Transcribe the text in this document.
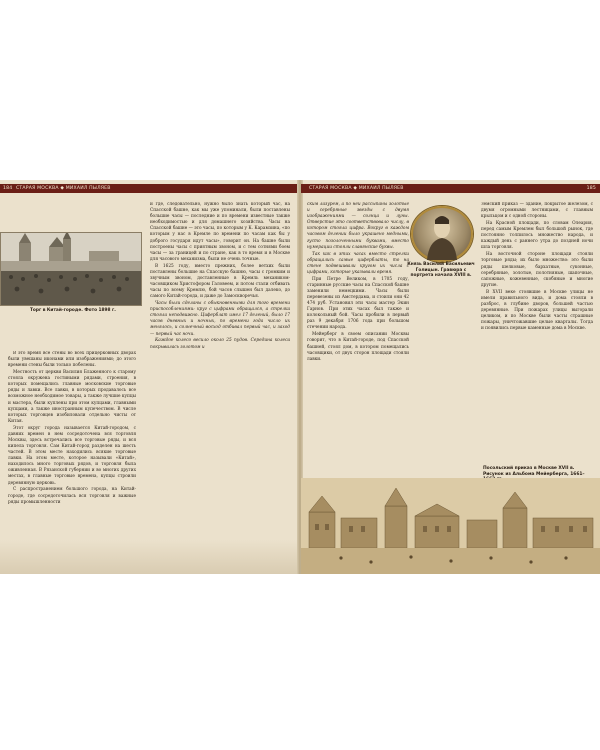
184 СТАРАЯ МОСКВА ◆ МИХАИЛ ПЫЛЯЕВ
Торг в Китай-городе. Фото 1898 г.

В это время все стены во всех прицерковных дворах были увешаны иконами или изображениями; до этого времени стены были только побелены.

Местность от церкви Василия Блаженного к старому стояла окружена гостиными рядами, строения, в которых помещались главные московские торговые ряды и лавки. Все лавки, в которых продавалось все возможное необходимое товары, а также лучшие купцы и мастера, были куплены при этом купцами, главными купцами, а также иностранным купечеством. В числе которых торговцев изобиловали отдельно чисты от Китая.

Этот округ города называется Китай-городом, с давних времен в нем сосредоточена вся торговля Москвы, здесь встречались все торговые ряды, и вся кипела торговля. Сам Китай-город разделен на шесть частей. В этом месте находились всякие торговые лавки. На этом месте, которое называли «Китай», находилось много торговых рядов, и торговля была оживленная. В Рязанской губернии и во многих других местах, в главные торговые времена, купцы строили деревянную церковь.

С распространением большого города, на Китай-городе, где сосредоточилась вся торговля и важные ряды промышленности

и где, следовательно, нужно было знать который час, на Спасской башне, как мы уже упоминали, были поставлены большие часы — последние и по времени известные также необходимостью и для домашнего хозяйства. Часы на Спасской башне — это часы, по которым у К. Карамзина, «по которым у нас в Кремле по времени по часам как бы у доброго государя идут часы», говорит он. На башне были построены часы с приятным звоном, и с тем сотнями боем часы — за границей и по стране, как в то время и в Москве для часового механизма, были не очень точные.

В 1625 году, вместо прежних, более ветхих были поставлены большие на Спасскую башню, часы с громким и звучным звоном, доставленные в Кремль механиком-часовщиком Христофором Галовеем, и потом стали отбивать часы по всему Кремлю, бой часов слышен был далеко, до самого Китай-города, и даже до Замоскворечья.

Часы были сделаны с обыкновенными для того времени приспособлениями: круг с цифрами обращался, а стрелка стояла неподвижно. Циферблат имел 17 делений, было 17 часов дневных и ночных, по времени года число их менялось, и солнечный восход отбивал первый час, и заход — первый час ночи.

Каждое колесо весило около 25 пудов. Середина колеса покрывалась золотом и

СТАРАЯ МОСКВА ◆ МИХАИЛ ПЫЛЯЕВ	185

ским лазурем, а по ней рассыпаны золотые и серебряные звезды с двумя изображениями — солнца и луны. Отверстие это соответствовало числу, в котором стояла цифра. Вокруг в каждом часовом делении было украшено медными, густо позолоченными буквами, вместо нумерации стояли славянские буквы.

Так как в этих часах вместо стрелки обращались самые циферблаты, то на стене подвешивали кругом их числа с цифрами, которые указывали время.

При Петре Великом, в 1705 году, старинные русские часы на Спасской башне заменили немецкими. Часы были перевезены из Амстердама, и стоили они 42 474 руб. Установил эти часы мастер Экин Гарнов. При этих часах был также и колокольный бой. Часы пробили в первый раз 9 декабря 1706 года при большом стечении народа.

Мейерберг в своем описании Москвы говорит, что в Китай-городе, под Спасской башней, стоял дом, в котором помещались часовщики, от двух сторон площади стояли лавки.

Князь Василий Васильевич Голицын. Гравюра с портрета начала XVIII в.

Земский приказ — здание, покрытое железом, с двумя огромными лестницами, с главным крыльцом и с одной стороны.

На Красной площади, по словам Олеария, перед самым Кремлем был большой рынок, где постоянно толпилось множество народа, и каждый день с раннего утра до поздней ночи шла торговля.

На восточной стороне площади стояли торговые ряды; их было множество: это были ряды шелковые, бархатные, суконные, серебряные, золотые, полотняные, шапочные, сапожные, кожевенные, скобяные и многие другие.

В XVII веке стоявшие в Москве улицы не имели правильного вида, и дома стояли в разброс, в глубине дворов, большей частью деревянные. При пожарах улицы выгорали целиком, и по Москве были часты страшные пожары, уничтожавшие целые кварталы. Тогда и появились первые каменные дома в Москве.

Посольский приказ в Москве XVII в. Рисунок из Альбома Мейерберга, 1661–
